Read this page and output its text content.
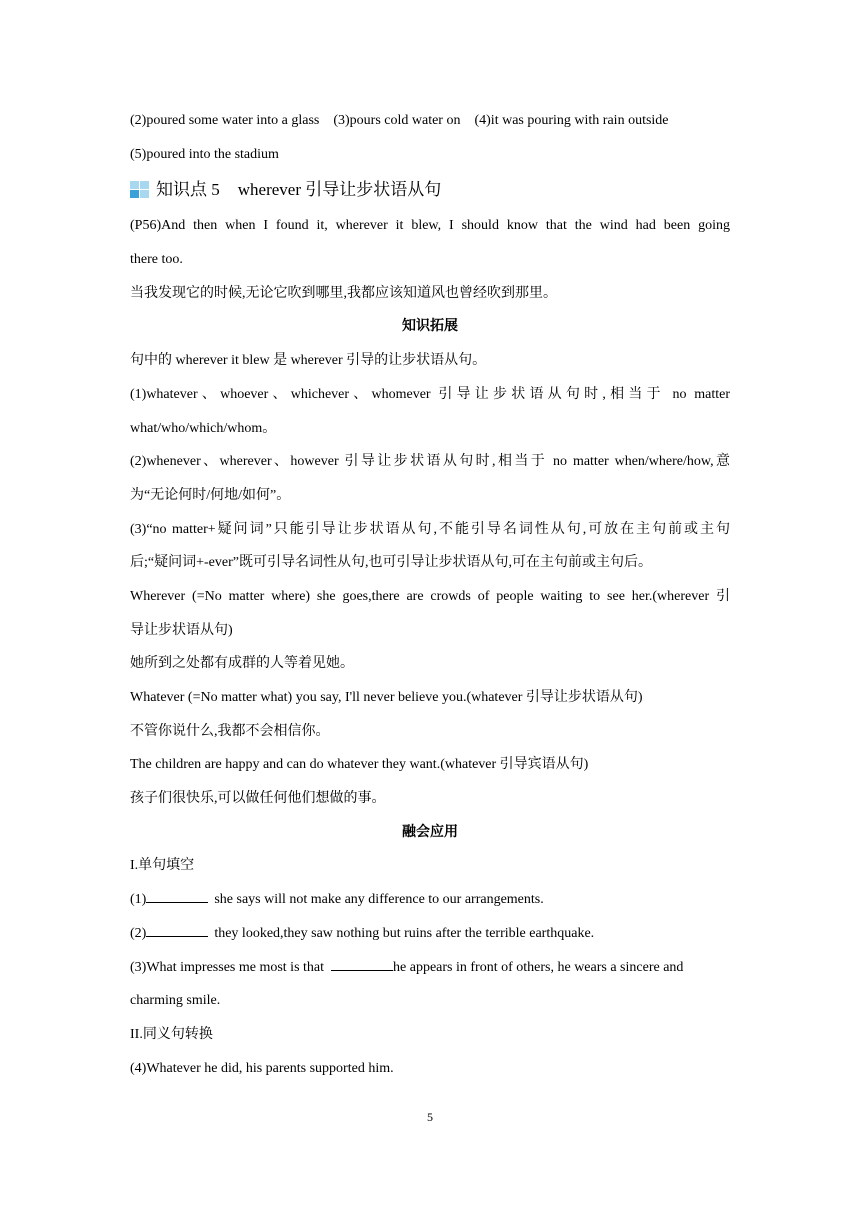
(2)poured some water into a glass (3)pours cold water on (4)it was pouring with rain outside
(5)poured into the stadium
知识点 5 wherever 引导让步状语从句
(P56)And then when I found it, wherever it blew, I should know that the wind had been going
there too.
当我发现它的时候,无论它吹到哪里,我都应该知道风也曾经吹到那里。
知识拓展
句中的 wherever it blew 是 wherever 引导的让步状语从句。
(1)whatever、whoever、whichever、whomever 引导让步状语从句时,相当于 no matter
what/who/which/whom。
(2)whenever、wherever、however 引导让步状语从句时,相当于 no matter when/where/how,意
为“无论何时/何地/如何”。
(3)“no matter+疑问词”只能引导让步状语从句,不能引导名词性从句,可放在主句前或主句
后;“疑问词+-ever”既可引导名词性从句,也可引导让步状语从句,可在主句前或主句后。
Wherever (=No matter where) she goes,there are crowds of people waiting to see her.(wherever 引
导让步状语从句)
她所到之处都有成群的人等着见她。
Whatever (=No matter what) you say, I'll never believe you.(whatever 引导让步状语从句)
不管你说什么,我都不会相信你。
The children are happy and can do whatever they want.(whatever 引导宾语从句)
孩子们很快乐,可以做任何他们想做的事。
融会应用
I.单句填空
(1)	she says will not make any difference to our arrangements.
(2)	they looked,they saw nothing but ruins after the terrible earthquake.
(3)What impresses me most is that	he appears in front of others, he wears a sincere and
charming smile.
II.同义句转换
(4)Whatever he did, his parents supported him.
5
